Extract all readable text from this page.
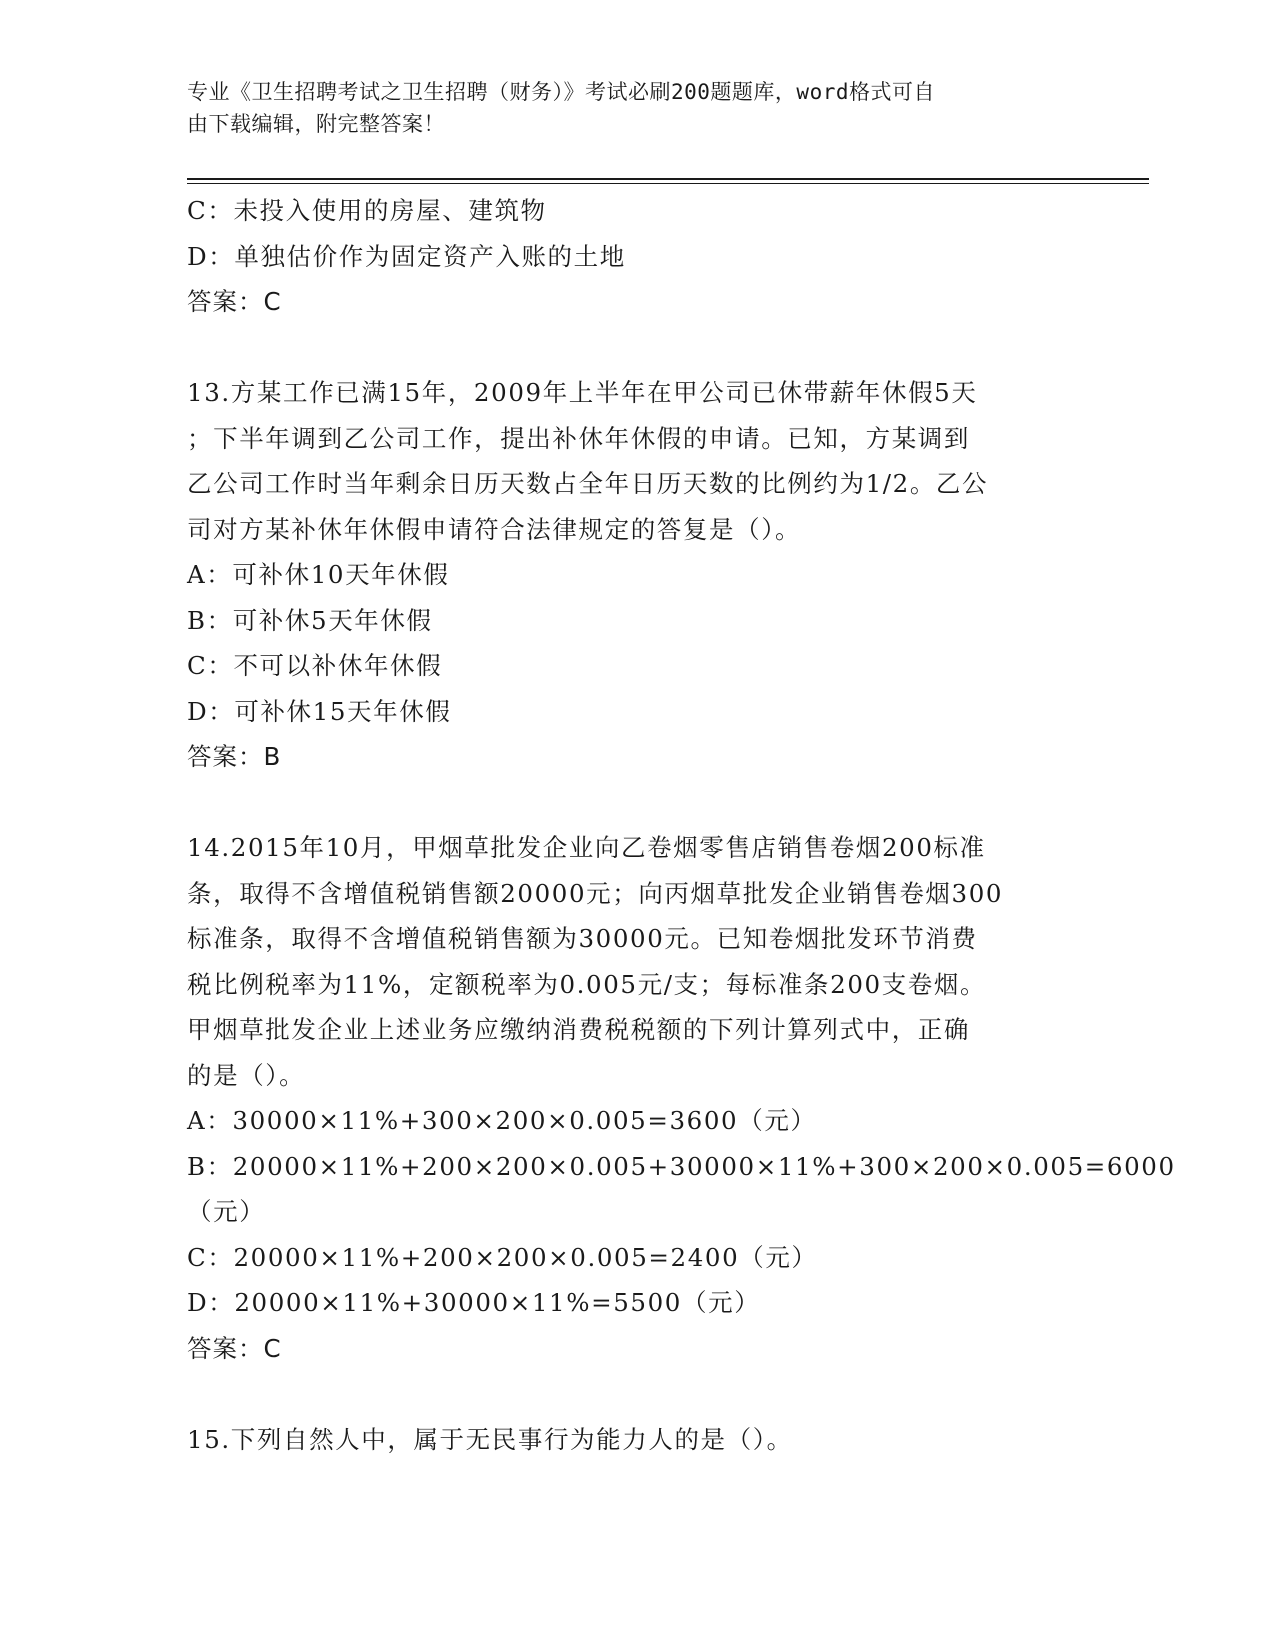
专业《卫生招聘考试之卫生招聘（财务）》考试必刷200题题库，word格式可自
由下载编辑，附完整答案！
C：未投入使用的房屋、建筑物
D：单独估价作为固定资产入账的土地
答案：C
13.方某工作已满15年，2009年上半年在甲公司已休带薪年休假5天
；下半年调到乙公司工作，提出补休年休假的申请。已知，方某调到
乙公司工作时当年剩余日历天数占全年日历天数的比例约为1/2。乙公
司对方某补休年休假申请符合法律规定的答复是（）。
A：可补休10天年休假
B：可补休5天年休假
C：不可以补休年休假
D：可补休15天年休假
答案：B
14.2015年10月，甲烟草批发企业向乙卷烟零售店销售卷烟200标准
条，取得不含增值税销售额20000元；向丙烟草批发企业销售卷烟300
标准条，取得不含增值税销售额为30000元。已知卷烟批发环节消费
税比例税率为11%，定额税率为0.005元/支；每标准条200支卷烟。
甲烟草批发企业上述业务应缴纳消费税税额的下列计算列式中，正确
的是（）。
A：30000×11%+300×200×0.005=3600（元）
B：20000×11%+200×200×0.005+30000×11%+300×200×0.005=6000
（元）
C：20000×11%+200×200×0.005=2400（元）
D：20000×11%+30000×11%=5500（元）
答案：C
15.下列自然人中，属于无民事行为能力人的是（）。
